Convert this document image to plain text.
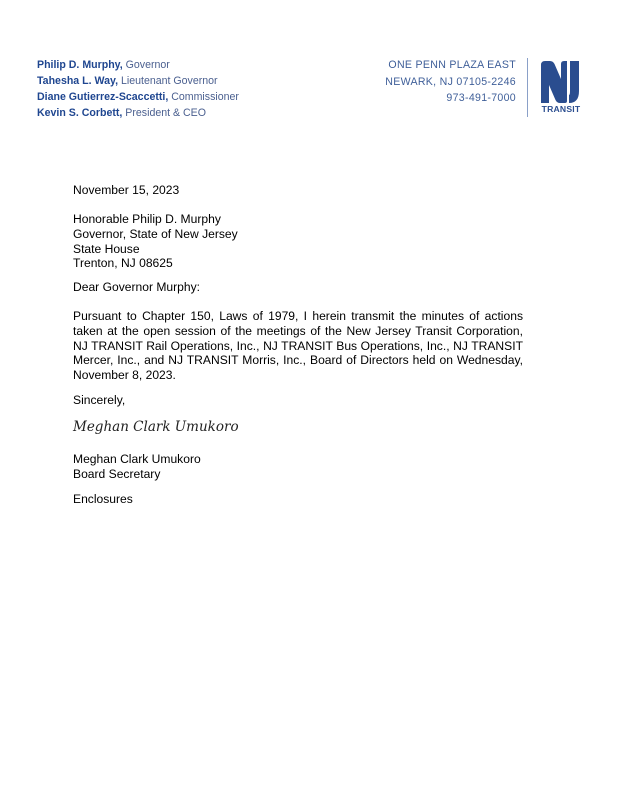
Philip D. Murphy, Governor
Tahesha L. Way, Lieutenant Governor
Diane Gutierrez-Scaccetti, Commissioner
Kevin S. Corbett, President & CEO
ONE PENN PLAZA EAST
NEWARK, NJ 07105-2246
973-491-7000
TRANSIT

November 15, 2023

Honorable Philip D. Murphy

Governor, State of New Jersey

State House

Trenton, NJ 08625

Dear Governor Murphy:

Pursuant to Chapter 150, Laws of 1979, I herein transmit the minutes of actions taken at the open session of the meetings of the New Jersey Transit Corporation, NJ TRANSIT Rail Operations, Inc., NJ TRANSIT Bus Operations, Inc., NJ TRANSIT Mercer, Inc., and NJ TRANSIT Morris, Inc., Board of Directors held on Wednesday, November 8, 2023.

Sincerely,

Meghan Clark Umukoro

Meghan Clark Umukoro

Board Secretary

Enclosures
